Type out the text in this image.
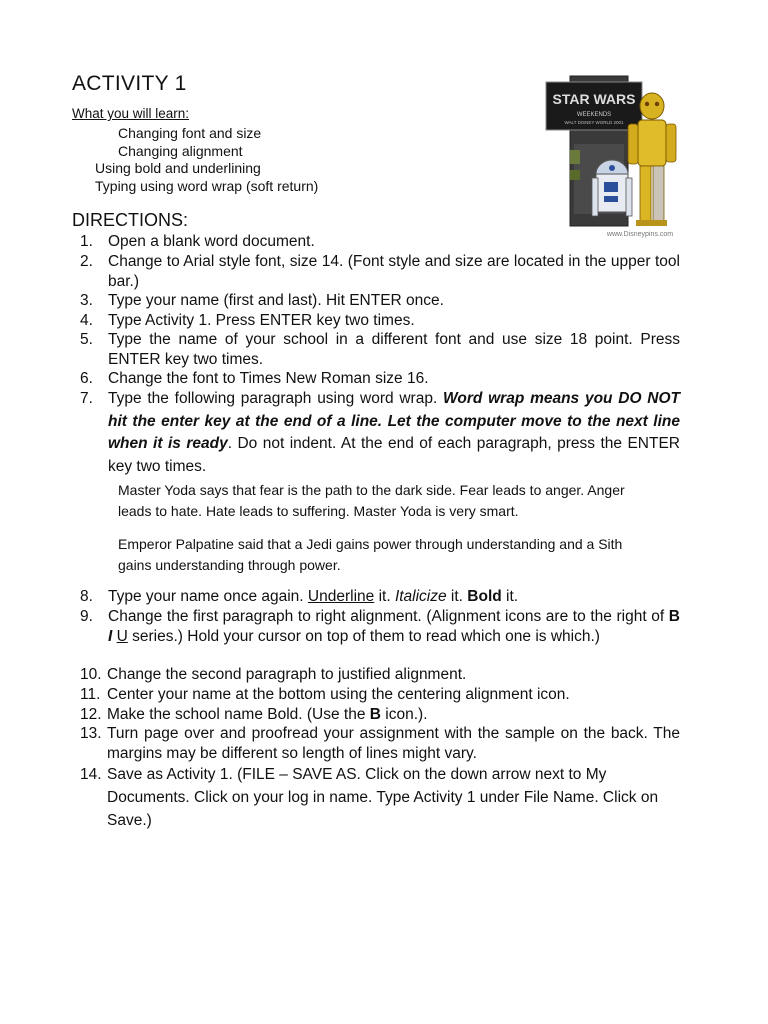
ACTIVITY 1
What you will learn:
Changing font and size
Changing alignment
Using bold and underlining
Typing using word wrap (soft return)
STAR WARS
WEEKENDS
WALT DISNEY WORLD 2001
www.Disneypins.com
DIRECTIONS:
1. Open a blank word document.
2. Change to Arial style font, size 14. (Font style and size are located in the upper tool bar.)
3. Type your name (first and last). Hit ENTER once.
4. Type Activity 1. Press ENTER key two times.
5. Type the name of your school in a different font and use size 18 point. Press ENTER key two times.
6. Change the font to Times New Roman size 16.
7. Type the following paragraph using word wrap. Word wrap means you DO NOT hit the enter key at the end of a line. Let the computer move to the next line when it is ready. Do not indent. At the end of each paragraph, press the ENTER key two times.
Master Yoda says that fear is the path to the dark side. Fear leads to anger. Anger leads to hate. Hate leads to suffering. Master Yoda is very smart.
Emperor Palpatine said that a Jedi gains power through understanding and a Sith gains understanding through power.
8. Type your name once again. Underline it. Italicize it. Bold it.
9. Change the first paragraph to right alignment. (Alignment icons are to the right of B I U series.) Hold your cursor on top of them to read which one is which.)
10. Change the second paragraph to justified alignment.
11. Center your name at the bottom using the centering alignment icon.
12. Make the school name Bold. (Use the B icon.).
13. Turn page over and proofread your assignment with the sample on the back. The margins may be different so length of lines might vary.
14. Save as Activity 1. (FILE – SAVE AS. Click on the down arrow next to My Documents. Click on your log in name. Type Activity 1 under File Name. Click on Save.)
